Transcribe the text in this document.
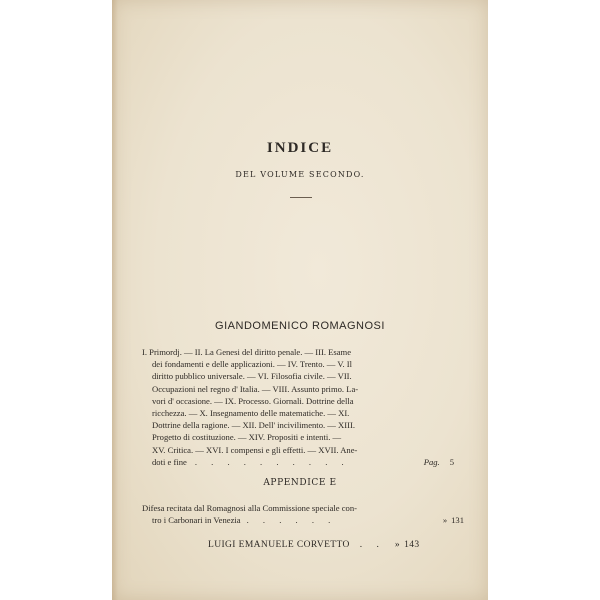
INDICE
DEL VOLUME SECONDO.
GIANDOMENICO ROMAGNOSI
I. Primordj. — II. La Genesi del diritto penale. — III. Esame
dei fondamenti e delle applicazioni. — IV. Trento. — V. Il
diritto pubblico universale. — VI. Filosofia civile. — VII.
Occupazioni nel regno d' Italia. — VIII. Assunto primo. La-
vori d' occasione. — IX. Processo. Giornali. Dottrine della
ricchezza. — X. Insegnamento delle matematiche. — XI.
Dottrine della ragione. — XII. Dell' incivilimento. — XIII.
Progetto di costituzione. — XIV. Propositi e intenti. —
XV. Critica. — XVI. I compensi e gli effetti. — XVII. Ane-
doti e fine . . . . . . . . . .	Pag.	5
APPENDICE E
Difesa recitata dal Romagnosi alla Commissione speciale con-
tro i Carbonari in Venezia . . . . . .	» 131
LUIGI EMANUELE CORVETTO	. .	» 143
